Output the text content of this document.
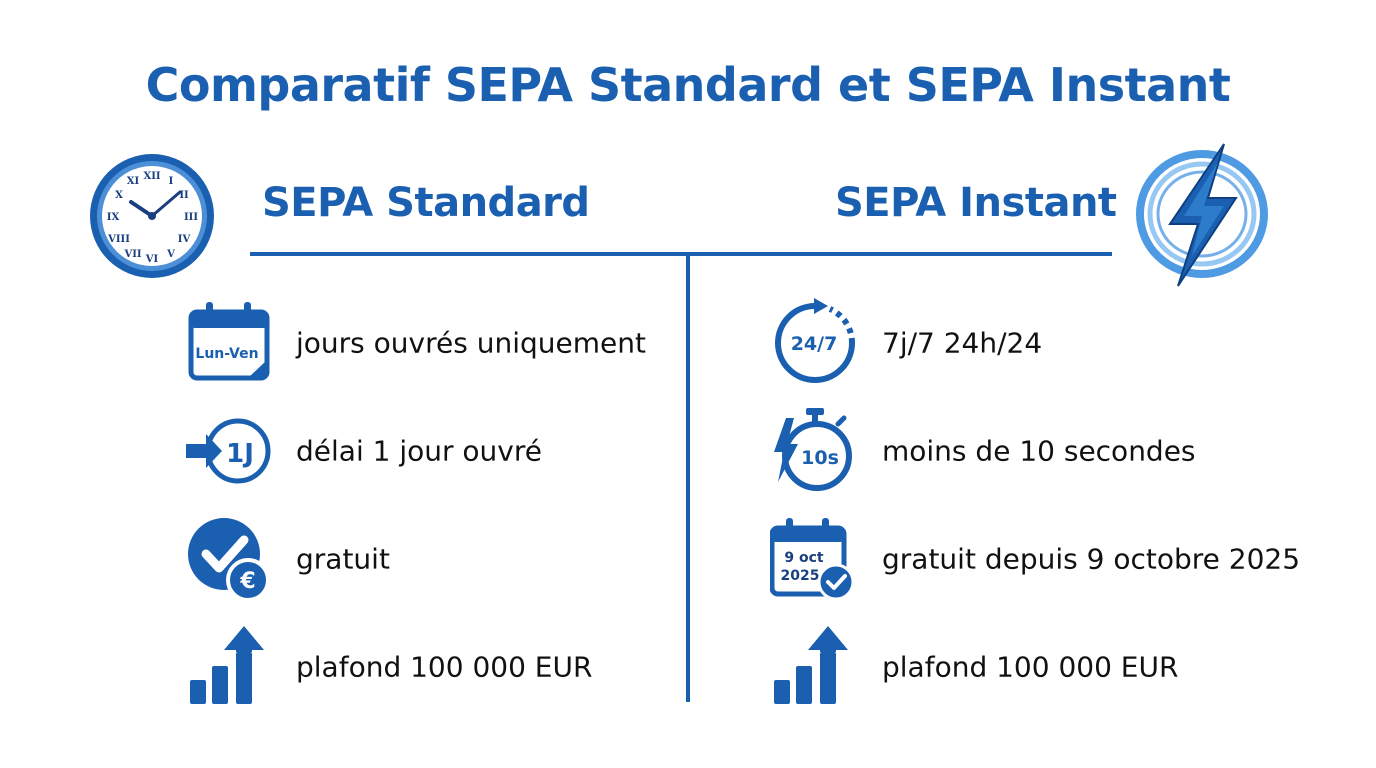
Comparatif SEPA Standard et SEPA Instant
XII I
II
III
IV
V
VI
VII
VIII
IX
X
XI	SEPA Standard	SEPA Instant
Lun-Ven jours ouvrés uniquement
1J délai 1 jour ouvré
€
gratuit
plafond 100 000 EUR
24/7 7j/7 24h/24
10s moins de 10 secondes
9 oct
2025
gratuit depuis 9 octobre 2025
plafond 100 000 EUR
